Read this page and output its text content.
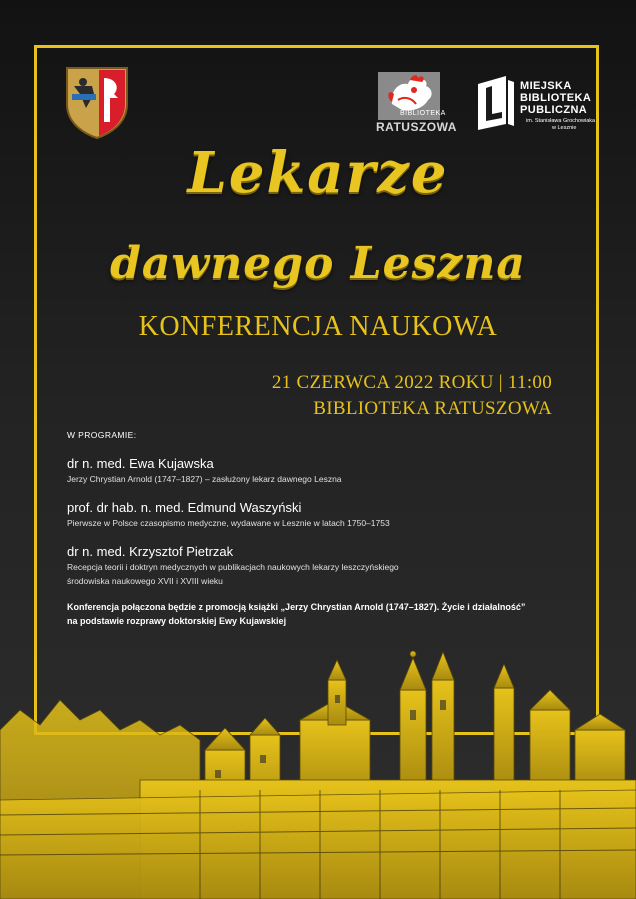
BIBLIOTEKA
RATUSZOWA
MIEJSKA
BIBLIOTEKA
PUBLICZNA
im. Stanisława Grochowiaka
w Lesznie
Lekarze
dawnego Leszna
KONFERENCJA NAUKOWA
21 CZERWCA 2022 ROKU | 11:00
BIBLIOTEKA RATUSZOWA
W PROGRAMIE:
dr n. med. Ewa Kujawska
Jerzy Chrystian Arnold (1747–1827) – zasłużony lekarz dawnego Leszna
prof. dr hab. n. med. Edmund Waszyński
Pierwsze w Polsce czasopismo medyczne, wydawane w Lesznie w latach 1750–1753
dr n. med. Krzysztof Pietrzak
Recepcja teorii i doktryn medycznych w publikacjach naukowych lekarzy leszczyńskiego
środowiska naukowego XVII i XVIII wieku
Konferencja połączona będzie z promocją książki „Jerzy Chrystian Arnold (1747–1827). Życie i działalność”
na podstawie rozprawy doktorskiej Ewy Kujawskiej
